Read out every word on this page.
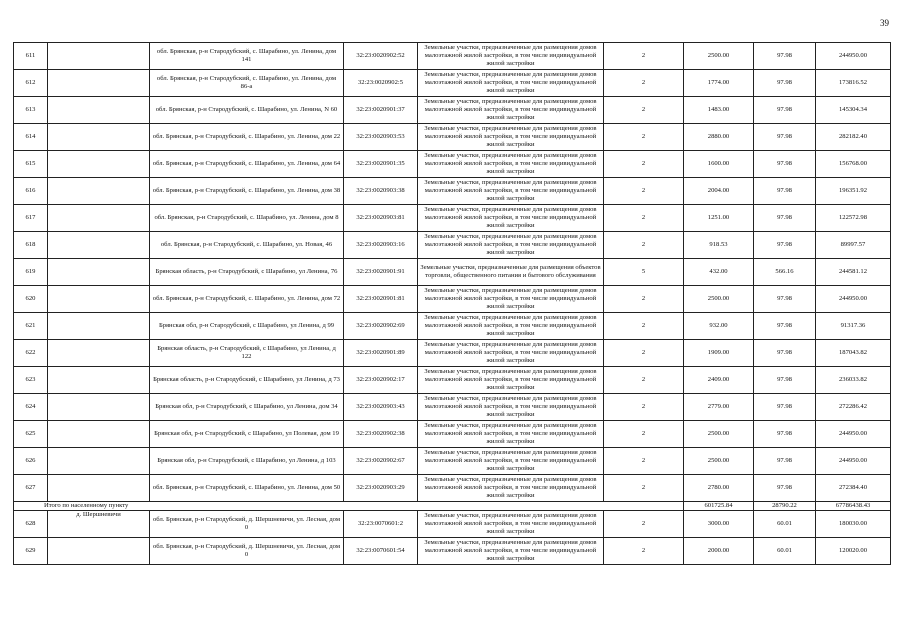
39
611		обл. Брянская, р-н Стародубский, с. Шарабино, ул. Ленина, дом 141	32:23:0020902:52	Земельные участки, предназначенные для размещения домов малоэтажной жилой застройки, в том числе индивидуальной жилой застройки	2	2500.00	97.98	244950.00
612		обл. Брянская, р-н Стародубский, с. Шарабино, ул. Ленина, дом 86-а	32:23:0020902:5	Земельные участки, предназначенные для размещения домов малоэтажной жилой застройки, в том числе индивидуальной жилой застройки	2	1774.00	97.98	173816.52
613		обл. Брянская, р-н Стародубский, с. Шарабино, ул. Ленина, N 60	32:23:0020901:37	Земельные участки, предназначенные для размещения домов малоэтажной жилой застройки, в том числе индивидуальной жилой застройки	2	1483.00	97.98	145304.34
614		обл. Брянская, р-н Стародубский, с. Шарабино, ул. Ленина, дом 22	32:23:0020903:53	Земельные участки, предназначенные для размещения домов малоэтажной жилой застройки, в том числе индивидуальной жилой застройки	2	2880.00	97.98	282182.40
615		обл. Брянская, р-н Стародубский, с. Шарабино, ул. Ленина, дом 64	32:23:0020901:35	Земельные участки, предназначенные для размещения домов малоэтажной жилой застройки, в том числе индивидуальной жилой застройки	2	1600.00	97.98	156768.00
616		обл. Брянская, р-н Стародубский, с. Шарабино, ул. Ленина, дом 38	32:23:0020903:38	Земельные участки, предназначенные для размещения домов малоэтажной жилой застройки, в том числе индивидуальной жилой застройки	2	2004.00	97.98	196351.92
617		обл. Брянская, р-н Стародубский, с. Шарабино, ул. Ленина, дом 8	32:23:0020903:81	Земельные участки, предназначенные для размещения домов малоэтажной жилой застройки, в том числе индивидуальной жилой застройки	2	1251.00	97.98	122572.98
618		обл. Брянская, р-н Стародубский, с. Шарабино, ул. Новая, 46	32:23:0020903:16	Земельные участки, предназначенные для размещения домов малоэтажной жилой застройки, в том числе индивидуальной жилой застройки	2	918.53	97.98	89997.57
619		Брянская область, р-н Стародубский, с Шарабино, ул Ленина, 76	32:23:0020901:91	Земельные участки, предназначенные для размещения объектов торговли, общественного питания и бытового обслуживания	5	432.00	566.16	244581.12
620		обл. Брянская, р-н Стародубский, с. Шарабино, ул. Ленина, дом 72	32:23:0020901:81	Земельные участки, предназначенные для размещения домов малоэтажной жилой застройки, в том числе индивидуальной жилой застройки	2	2500.00	97.98	244950.00
621		Брянская обл, р-н Стародубский, с Шарабино, ул Ленина, д 99	32:23:0020902:69	Земельные участки, предназначенные для размещения домов малоэтажной жилой застройки, в том числе индивидуальной жилой застройки	2	932.00	97.98	91317.36
622		Брянская область, р-н Стародубский, с Шарабино, ул Ленина, д 122	32:23:0020901:89	Земельные участки, предназначенные для размещения домов малоэтажной жилой застройки, в том числе индивидуальной жилой застройки	2	1909.00	97.98	187043.82
623		Брянская область, р-н Стародубский, с Шарабино, ул Ленина, д 73	32:23:0020902:17	Земельные участки, предназначенные для размещения домов малоэтажной жилой застройки, в том числе индивидуальной жилой застройки	2	2409.00	97.98	236033.82
624		Брянская обл, р-н Стародубский, с Шарабино, ул Ленина, дом 34	32:23:0020903:43	Земельные участки, предназначенные для размещения домов малоэтажной жилой застройки, в том числе индивидуальной жилой застройки	2	2779.00	97.98	272286.42
625		Брянская обл, р-н Стародубский, с Шарабино, ул Полевая, дом 19	32:23:0020902:38	Земельные участки, предназначенные для размещения домов малоэтажной жилой застройки, в том числе индивидуальной жилой застройки	2	2500.00	97.98	244950.00
626		Брянская обл, р-н Стародубский, с Шарабино, ул Ленина, д 103	32:23:0020902:67	Земельные участки, предназначенные для размещения домов малоэтажной жилой застройки, в том числе индивидуальной жилой застройки	2	2500.00	97.98	244950.00
627		обл. Брянская, р-н Стародубский, с. Шарабино, ул. Ленина, дом 50	32:23:0020903:29	Земельные участки, предназначенные для размещения домов малоэтажной жилой застройки, в том числе индивидуальной жилой застройки	2	2780.00	97.98	272384.40
Итого по населенному пункту						601725.84	28790.22	67786438.43
628	д. Шершневичи	обл. Брянская, р-н Стародубский, д. Шершневичи, ул. Лесная, дом 0	32:23:0070601:2	Земельные участки, предназначенные для размещения домов малоэтажной жилой застройки, в том числе индивидуальной жилой застройки	2	3000.00	60.01	180030.00
629		обл. Брянская, р-н Стародубский, д. Шершневичи, ул. Лесная, дом 0	32:23:0070601:54	Земельные участки, предназначенные для размещения домов малоэтажной жилой застройки, в том числе индивидуальной жилой застройки	2	2000.00	60.01	120020.00
